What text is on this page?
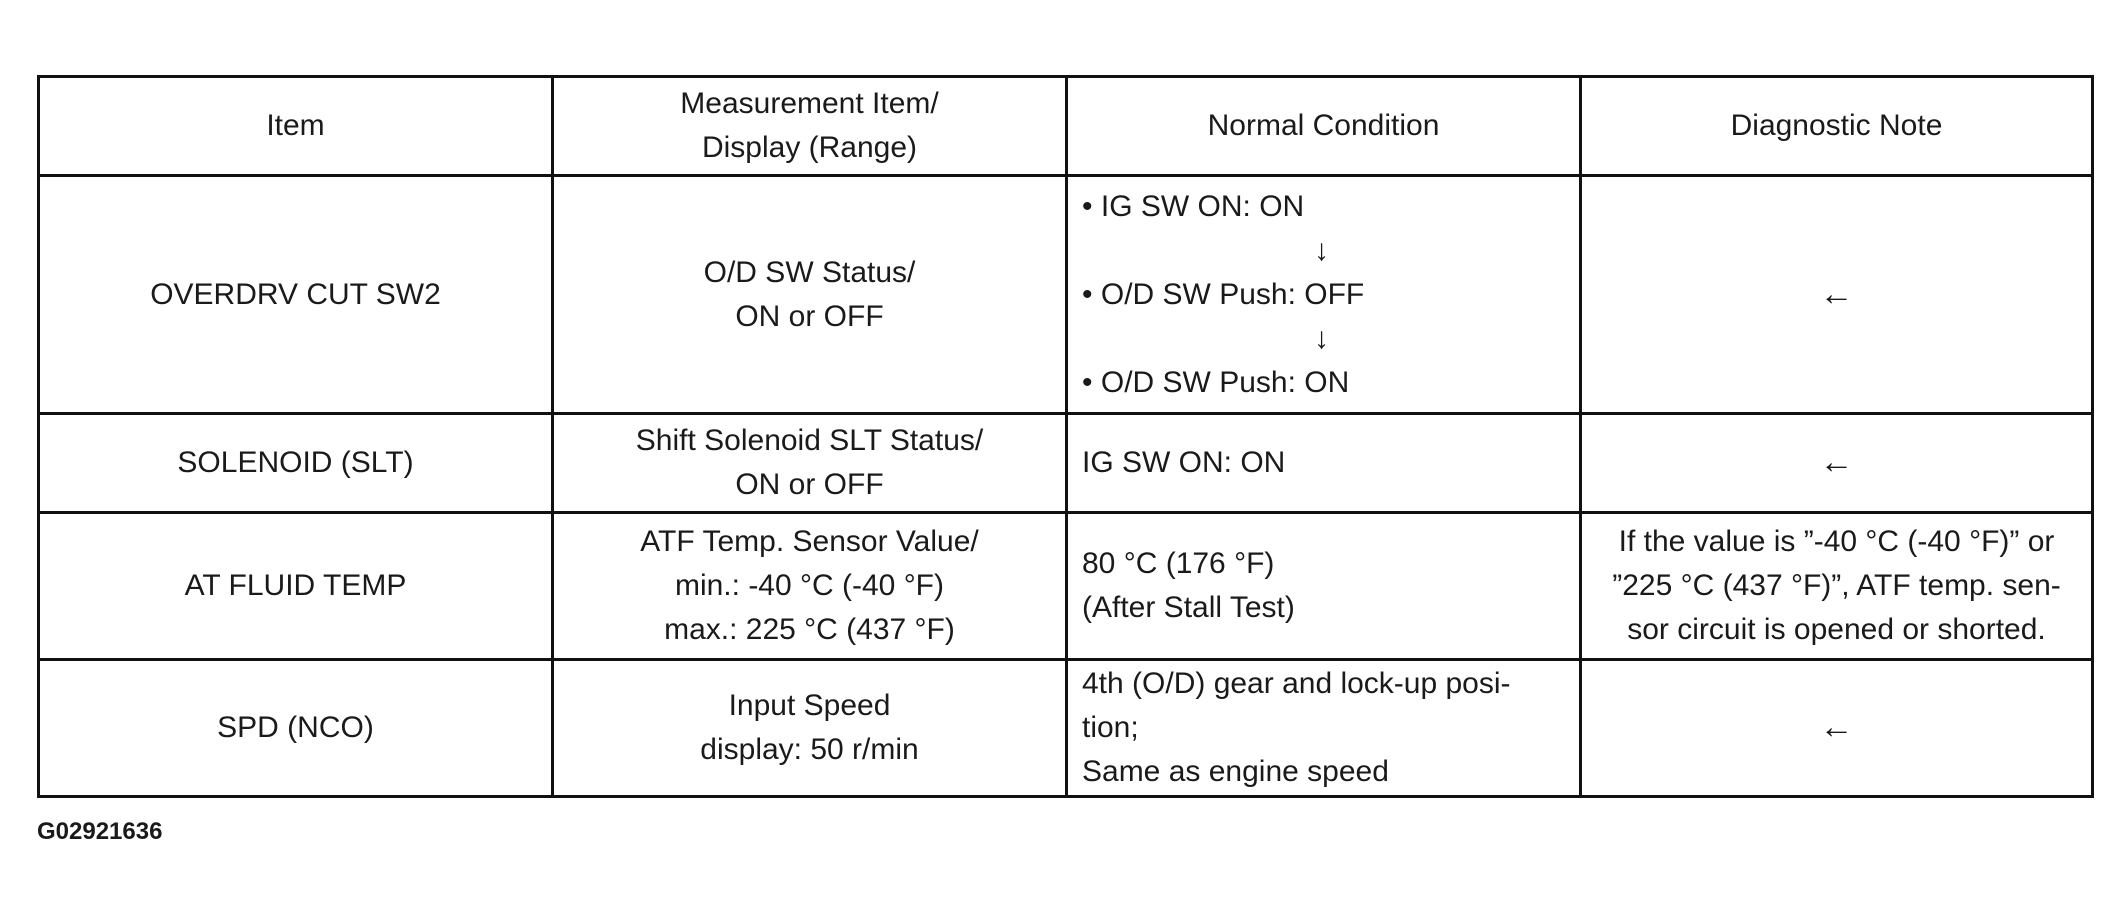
Item	Measurement Item/
Display (Range)	Normal Condition	Diagnostic Note

OVERDRV CUT SW2	O/D SW Status/
ON or OFF	• IG SW ON: ON
↓
• O/D SW Push: OFF
↓
• O/D SW Push: ON	←

SOLENOID (SLT)	Shift Solenoid SLT Status/
ON or OFF	IG SW ON: ON	←

AT FLUID TEMP	ATF Temp. Sensor Value/
min.: -40 °C (-40 °F)
max.: 225 °C (437 °F)	80 °C (176 °F)
(After Stall Test)	If the value is ”-40 °C (-40 °F)” or
”225 °C (437 °F)”, ATF temp. sen-
sor circuit is opened or shorted.

SPD (NCO)	Input Speed
display: 50 r/min	4th (O/D) gear and lock-up posi-
tion;
Same as engine speed	←
G02921636
